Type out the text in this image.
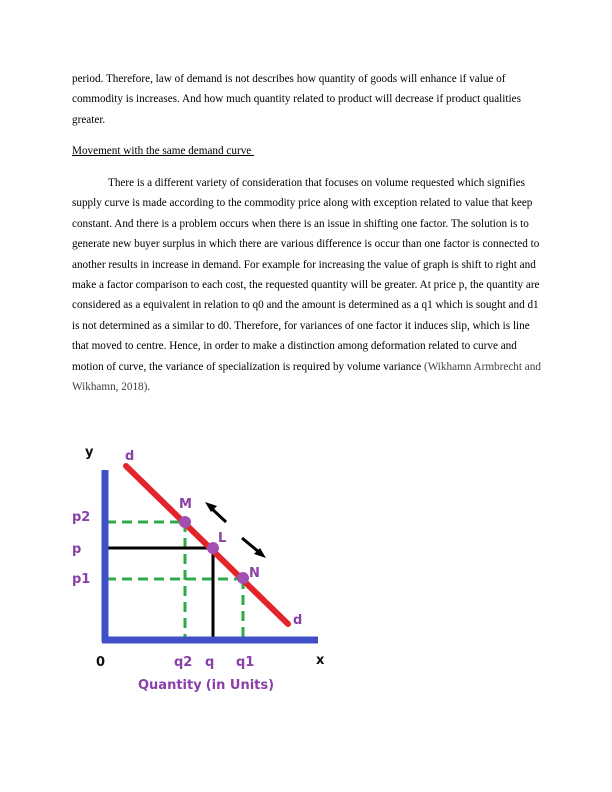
period. Therefore, law of demand is not describes how quantity of goods will enhance if value of commodity is increases. And how much quantity related to product will decrease if product qualities greater.
Movement with the same demand curve
There is a different variety of consideration that focuses on volume requested which signifies supply curve is made according to the commodity price along with exception related to value that keep constant. And there is a problem occurs when there is an issue in shifting one factor. The solution is to generate new buyer surplus in which there are various difference is occur than one factor is connected to another results in increase in demand. For example for increasing the value of graph is shift to right and make a factor comparison to each cost, the requested quantity will be greater. At price p, the quantity are considered as a equivalent in relation to q0 and the amount is determined as a q1 which is sought and d1 is not determined as a similar to d0. Therefore, for variances of one factor it induces slip, which is line that moved to centre. Hence, in order to make a distinction among deformation related to curve and motion of curve, the variance of specialization is required by volume variance (Wikhamn Armbrecht and Wikhamn, 2018).
y
x
0
d
d
p2
p
p1
q2 q q1
M
L
N
Quantity (in Units)
